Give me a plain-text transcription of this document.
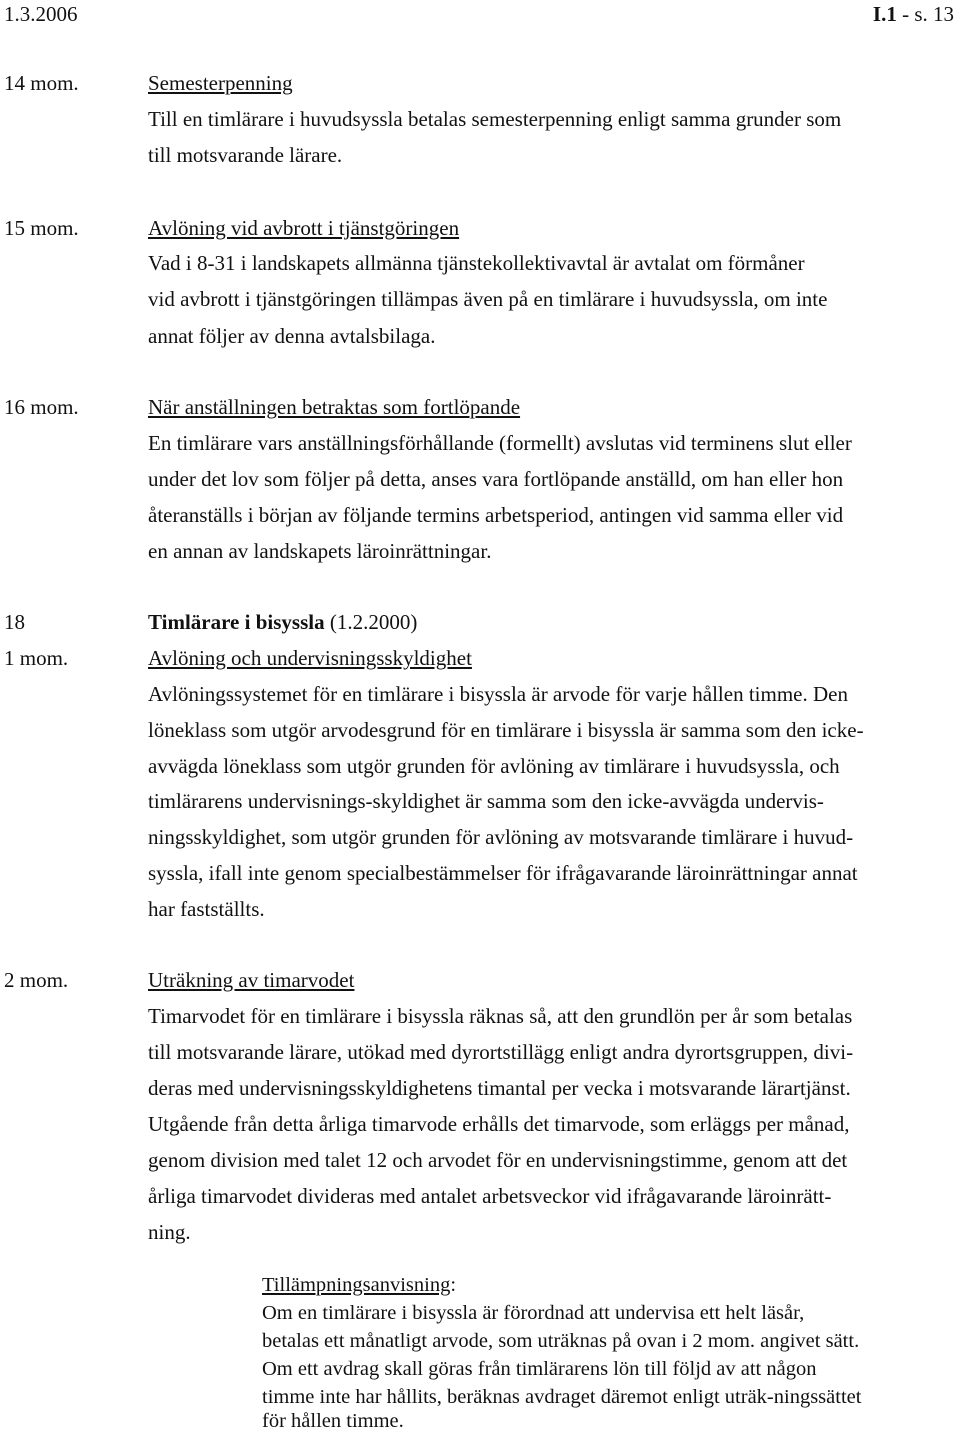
1.3.2006	I.1 - s. 13
14 mom.	Semesterpenning
Till en timlärare i huvudsyssla betalas semesterpenning enligt samma grunder som
till motsvarande lärare.
15 mom.	Avlöning vid avbrott i tjänstgöringen
Vad i 8-31 i landskapets allmänna tjänstekollektivavtal är avtalat om förmåner
vid avbrott i tjänstgöringen tillämpas även på en timlärare i huvudsyssla, om inte
annat följer av denna avtalsbilaga.
16 mom.	När anställningen betraktas som fortlöpande
En timlärare vars anställningsförhållande (formellt) avslutas vid terminens slut eller
under det lov som följer på detta, anses vara fortlöpande anställd, om han eller hon
återanställs i början av följande termins arbetsperiod, antingen vid samma eller vid
en annan av landskapets läroinrättningar.
18	Timlärare i bisyssla (1.2.2000)
1 mom.	Avlöning och undervisningsskyldighet
Avlöningssystemet för en timlärare i bisyssla är arvode för varje hållen timme. Den
löneklass som utgör arvodesgrund för en timlärare i bisyssla är samma som den icke-
avvägda löneklass som utgör grunden för avlöning av timlärare i huvudsyssla, och
timlärarens undervisnings-skyldighet är samma som den icke-avvägda undervis-
ningsskyldighet, som utgör grunden för avlöning av motsvarande timlärare i huvud-
syssla, ifall inte genom specialbestämmelser för ifrågavarande läroinrättningar annat
har fastställts.
2 mom.	Uträkning av timarvodet
Timarvodet för en timlärare i bisyssla räknas så, att den grundlön per år som betalas
till motsvarande lärare, utökad med dyrortstillägg enligt andra dyrortsgruppen, divi-
deras med undervisningsskyldighetens timantal per vecka i motsvarande lärartjänst.
Utgående från detta årliga timarvode erhålls det timarvode, som erläggs per månad,
genom division med talet 12 och arvodet för en undervisningstimme, genom att det
årliga timarvodet divideras med antalet arbetsveckor vid ifrågavarande läroinrätt-
ning.
Tillämpningsanvisning:
Om en timlärare i bisyssla är förordnad att undervisa ett helt läsår,
betalas ett månatligt arvode, som uträknas på ovan i 2 mom. angivet sätt.
Om ett avdrag skall göras från timlärarens lön till följd av att någon
timme inte har hållits, beräknas avdraget däremot enligt uträk-ningssättet
för hållen timme.
